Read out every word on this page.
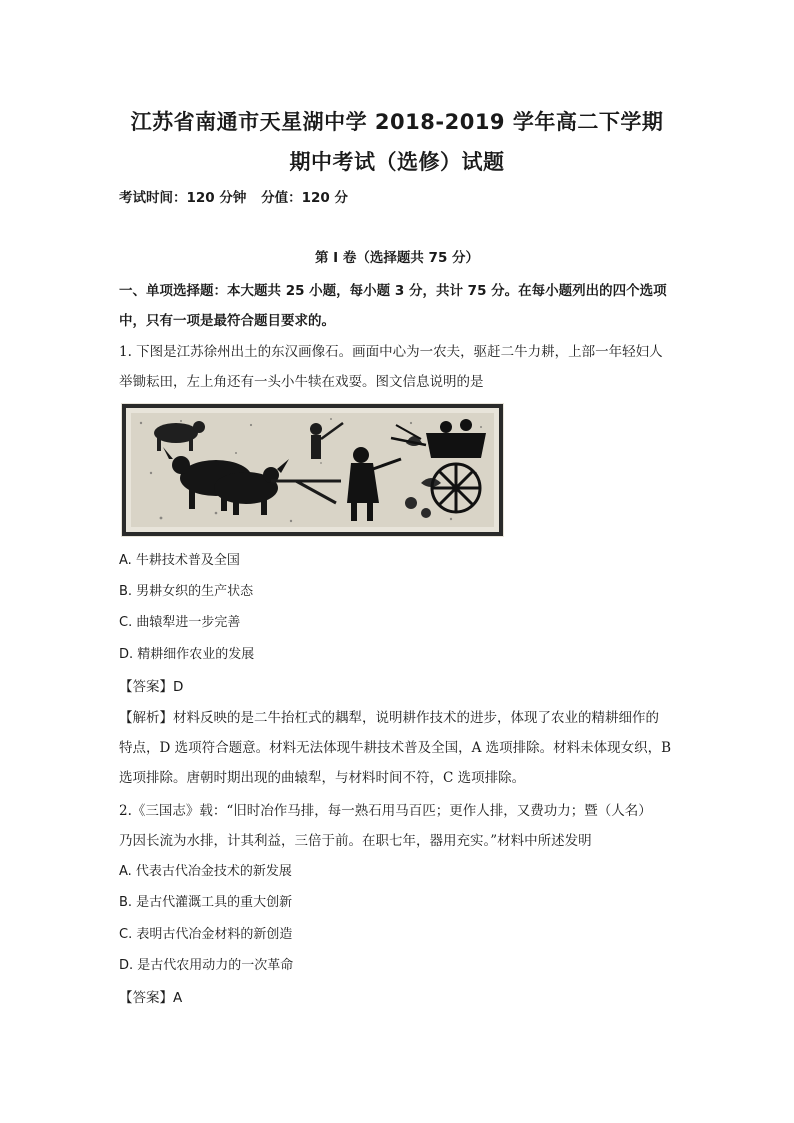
江苏省南通市天星湖中学 2018-2019 学年高二下学期
期中考试（选修）试题
考试时间：120 分钟 分值：120 分
第 I 卷（选择题共 75 分）
一、单项选择题：本大题共 25 小题，每小题 3 分，共计 75 分。在每小题列出的四个选项
中，只有一项是最符合题目要求的。
1. 下图是江苏徐州出土的东汉画像石。画面中心为一农夫，驱赶二牛力耕，上部一年轻妇人
举锄耘田，左上角还有一头小牛犊在戏耍。图文信息说明的是
A. 牛耕技术普及全国
B. 男耕女织的生产状态
C. 曲辕犁进一步完善
D. 精耕细作农业的发展
【答案】D
【解析】材料反映的是二牛抬杠式的耦犁，说明耕作技术的进步，体现了农业的精耕细作的
特点，D 选项符合题意。材料无法体现牛耕技术普及全国，A 选项排除。材料未体现女织，B
选项排除。唐朝时期出现的曲辕犁，与材料时间不符，C 选项排除。
2.《三国志》载：“旧时冶作马排，每一熟石用马百匹；更作人排，又费功力；暨（人名）
乃因长流为水排，计其利益，三倍于前。在职七年，器用充实。”材料中所述发明
A. 代表古代冶金技术的新发展
B. 是古代灌溉工具的重大创新
C. 表明古代冶金材料的新创造
D. 是古代农用动力的一次革命
【答案】A
